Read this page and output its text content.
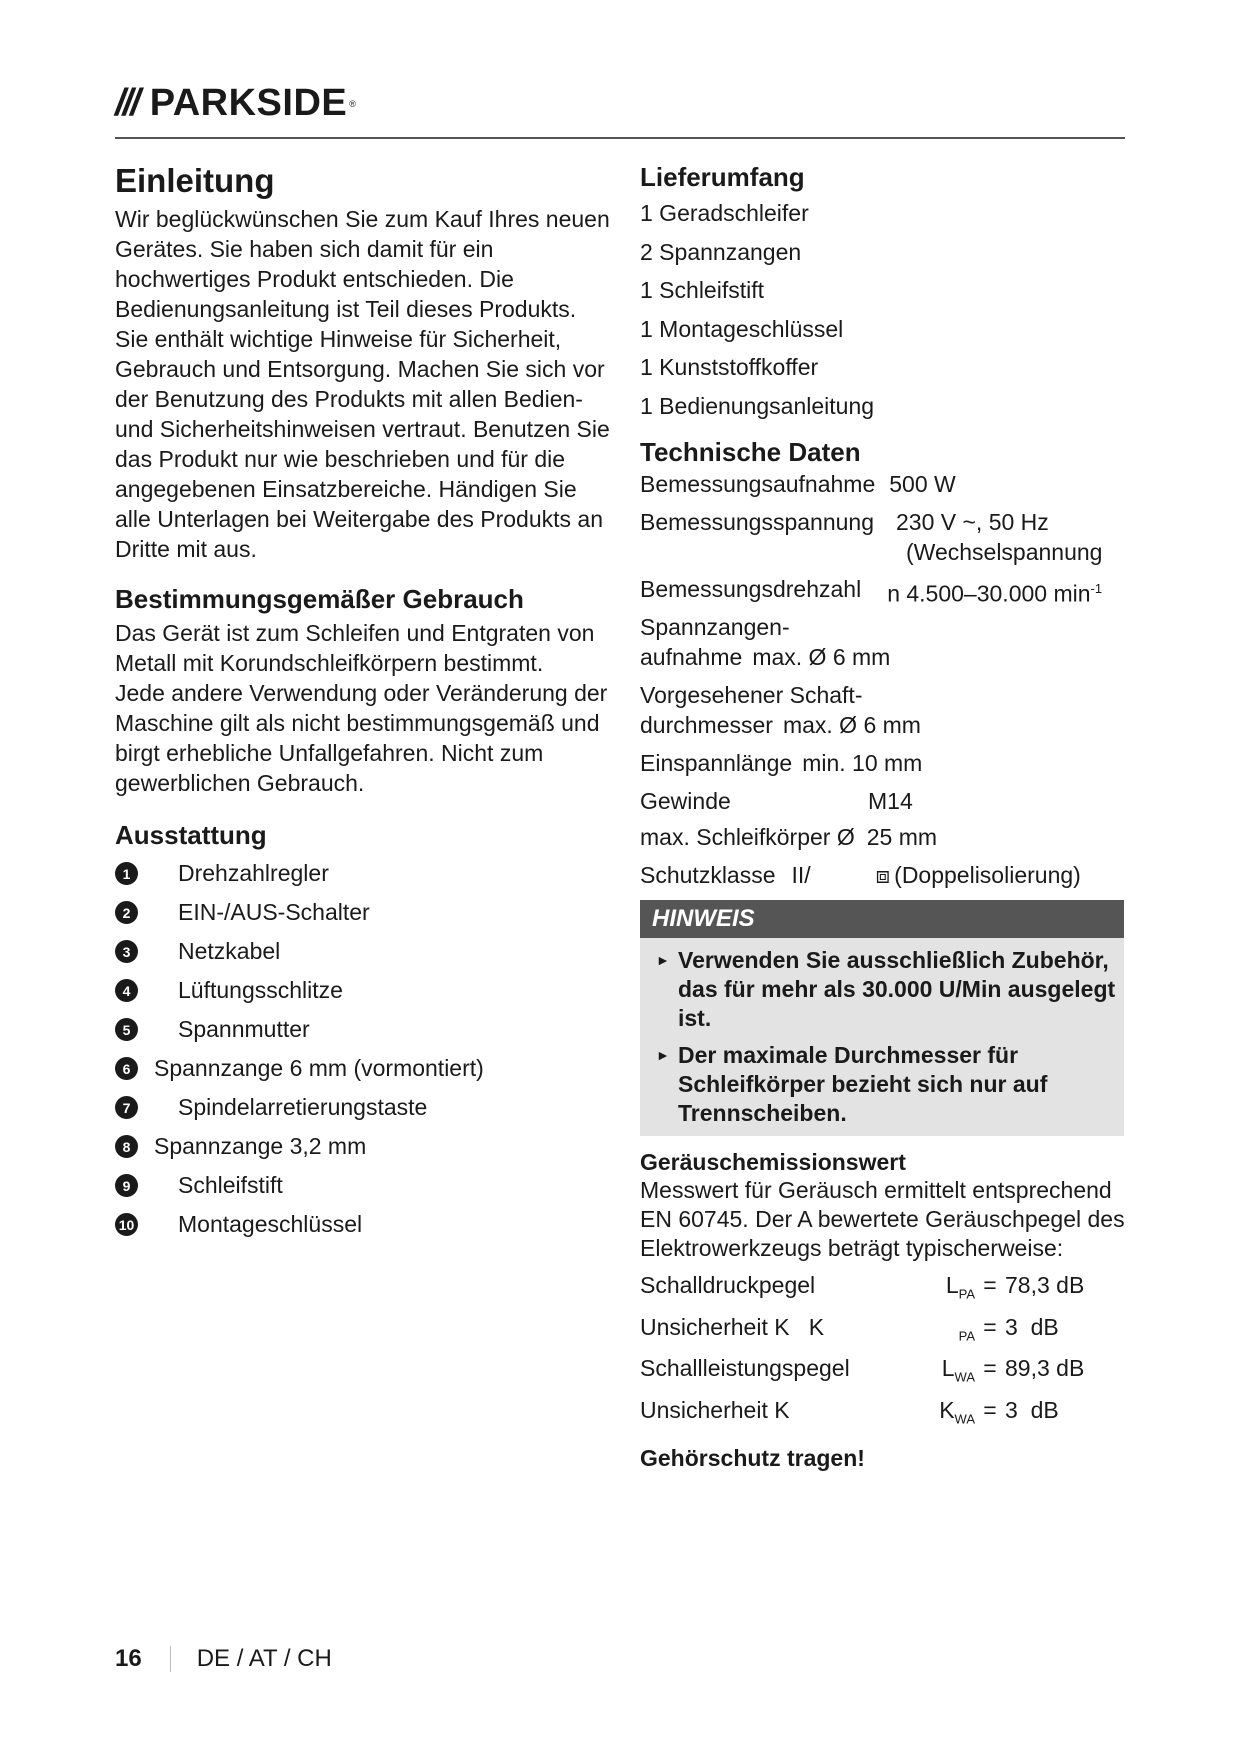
/// PARKSIDE ®
Einleitung

Wir beglückwünschen Sie zum Kauf Ihres neuen Gerätes. Sie haben sich damit für ein hochwertiges Produkt entschieden. Die Bedienungsanleitung ist Teil dieses Produkts. Sie enthält wichtige Hinweise für Sicherheit, Gebrauch und Entsorgung. Machen Sie sich vor der Benutzung des Produkts mit allen Bedien- und Sicherheitshinweisen vertraut. Benutzen Sie das Produkt nur wie beschrieben und für die angegebenen Einsatzbereiche. Händigen Sie alle Unterlagen bei Weitergabe des Produkts an Dritte mit aus.

Bestimmungsgemäßer Gebrauch

Das Gerät ist zum Schleifen und Entgraten von Metall mit Korundschleifkörpern bestimmt.

Jede andere Verwendung oder Veränderung der Maschine gilt als nicht bestimmungsgemäß und birgt erhebliche Unfallgefahren. Nicht zum gewerblichen Gebrauch.

Ausstattung
1	Drehzahlregler
2	EIN-/AUS-Schalter
3	Netzkabel
4	Lüftungsschlitze
5	Spannmutter
6	Spannzange 6 mm (vormontiert)
7	Spindelarretierungstaste
8	Spannzange 3,2 mm
9	Schleifstift
10 Montageschlüssel
Lieferumfang
1 Geradschleifer
2 Spannzangen
1 Schleifstift
1 Montageschlüssel
1 Kunststoffkoffer
1 Bedienungsanleitung
Technische Daten
Bemessungsaufnahme 500 W
Bemessungsspannung 230 V ~, 50 Hz
(Wechselspannung
Bemessungsdrehzahl n 4.500–30.000 $\min^{-1}$
Spannzangen-
aufnahme max. Ø 6 mm
Vorgesehener Schaft-
durchmesser max. Ø 6 mm
Einspannlänge min. 10 mm
Gewinde	M14
max. Schleifkörper Ø 25 mm
Schutzklasse II/	⧈ (Doppelisolierung)
HINWEIS
► Verwenden Sie ausschließlich Zubehör, das für mehr als 30.000 U/Min ausgelegt ist.
► Der maximale Durchmesser für Schleifkörper bezieht sich nur auf Trennscheiben.
Geräuschemissionswert

Messwert für Geräusch ermittelt entsprechend EN 60745. Der A bewertete Geräuschpegel des Elektrowerkzeugs beträgt typischerweise:

Schalldruckpegel	$L_{PA} = 78,3$ dB
Unsicherheit K   K	$_{PA}$ = 3  dB
Schallleistungspegel	$L_{WA} = 89,3$ dB
Unsicherheit K	$K_{WA} = 3$  dB
Gehörschutz tragen!
16 DE / AT / CH
